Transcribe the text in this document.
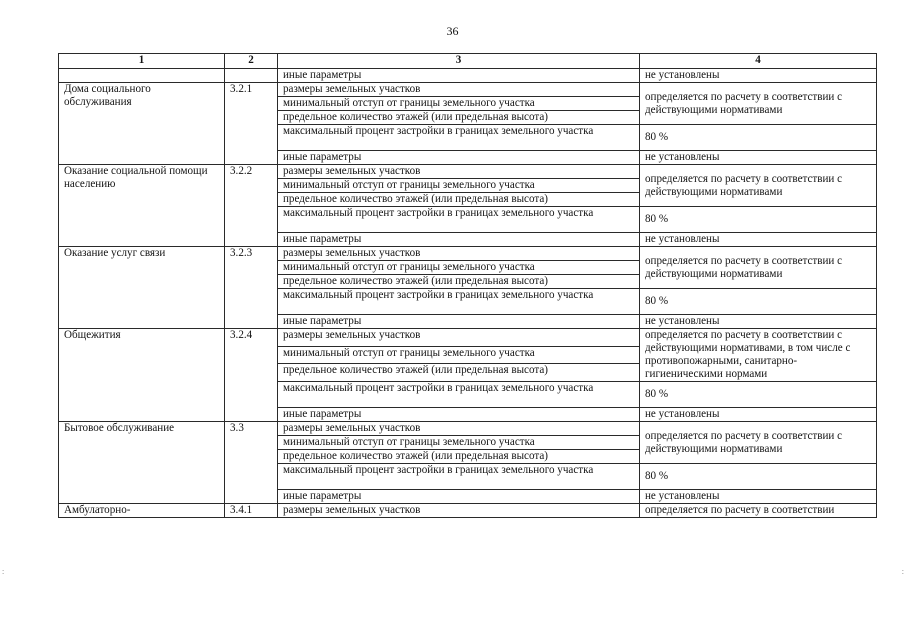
36
1	2	3	4
		иные параметры	не установлены
Дома социального обслуживания	3.2.1	размеры земельных участков	определяется по расчету в соответствии с действующими нормативами
		минимальный отступ от границы земельного участка	
		предельное количество этажей (или предельная высота)	
		максимальный процент застройки в границах земельного участка	80 %
		иные параметры	не установлены
Оказание социальной помощи населению	3.2.2	размеры земельных участков	определяется по расчету в соответствии с действующими нормативами
		минимальный отступ от границы земельного участка	
		предельное количество этажей (или предельная высота)	
		максимальный процент застройки в границах земельного участка	80 %
		иные параметры	не установлены
Оказание услуг связи	3.2.3	размеры земельных участков	определяется по расчету в соответствии с действующими нормативами
		минимальный отступ от границы земельного участка	
		предельное количество этажей (или предельная высота)	
		максимальный процент застройки в границах земельного участка	80 %
		иные параметры	не установлены
Общежития	3.2.4	размеры земельных участков	определяется по расчету в соответствии с действующими нормативами, в том числе с противопожарными, санитарно-гигиеническими нормами
		минимальный отступ от границы земельного участка	
		предельное количество этажей (или предельная высота)	
		максимальный процент застройки в границах земельного участка	80 %
		иные параметры	не установлены
Бытовое обслуживание	3.3	размеры земельных участков	определяется по расчету в соответствии с действующими нормативами
		минимальный отступ от границы земельного участка	
		предельное количество этажей (или предельная высота)	
		максимальный процент застройки в границах земельного участка	80 %
		иные параметры	не установлены
Амбулаторно-	3.4.1	размеры земельных участков	определяется по расчету в соответствии
:	:
